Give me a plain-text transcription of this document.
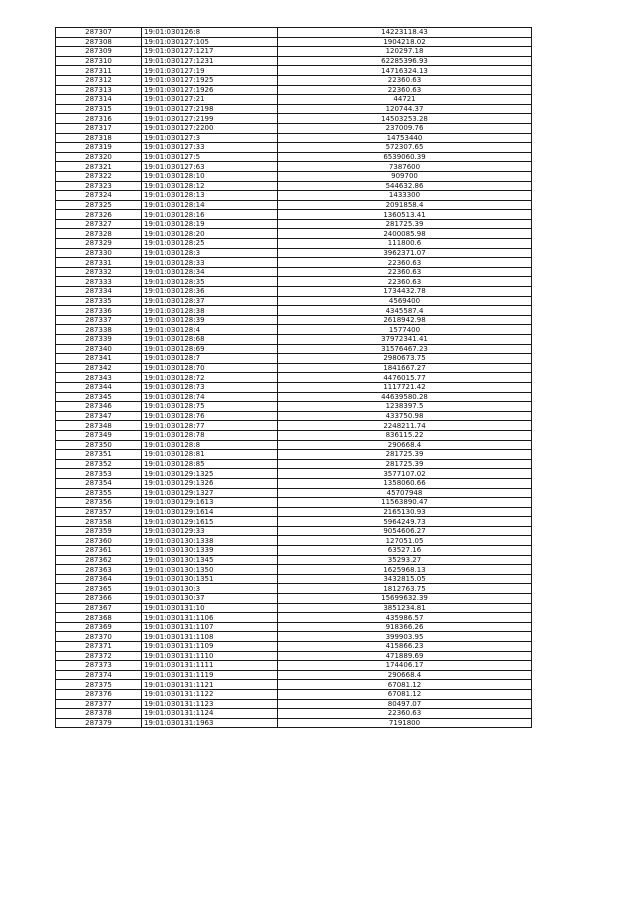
287307	19:01:030126:8	14223118.43
287308	19:01:030127:105	1904218.02
287309	19:01:030127:1217	120297.18
287310	19:01:030127:1231	62285396.93
287311	19:01:030127:19	14716324.13
287312	19:01:030127:1925	22360.63
287313	19:01:030127:1926	22360.63
287314	19:01:030127:21	44721
287315	19:01:030127:2198	120744.37
287316	19:01:030127:2199	14503253.28
287317	19:01:030127:2200	237009.76
287318	19:01:030127:3	14753440
287319	19:01:030127:33	572307.65
287320	19:01:030127:5	6539060.39
287321	19:01:030127:63	7387600
287322	19:01:030128:10	909700
287323	19:01:030128:12	544632.86
287324	19:01:030128:13	1433300
287325	19:01:030128:14	2091858.4
287326	19:01:030128:16	1360513.41
287327	19:01:030128:19	281725.39
287328	19:01:030128:20	2400085.98
287329	19:01:030128:25	111800.6
287330	19:01:030128:3	3962371.07
287331	19:01:030128:33	22360.63
287332	19:01:030128:34	22360.63
287333	19:01:030128:35	22360.63
287334	19:01:030128:36	1734432.78
287335	19:01:030128:37	4569400
287336	19:01:030128:38	4345587.4
287337	19:01:030128:39	2618942.98
287338	19:01:030128:4	1577400
287339	19:01:030128:68	37972341.41
287340	19:01:030128:69	31576467.23
287341	19:01:030128:7	2980673.75
287342	19:01:030128:70	1841667.27
287343	19:01:030128:72	4476015.77
287344	19:01:030128:73	1117721.42
287345	19:01:030128:74	44639580.28
287346	19:01:030128:75	1238397.5
287347	19:01:030128:76	433750.98
287348	19:01:030128:77	2248211.74
287349	19:01:030128:78	836115.22
287350	19:01:030128:8	290668.4
287351	19:01:030128:81	281725.39
287352	19:01:030128:85	281725.39
287353	19:01:030129:1325	3577107.02
287354	19:01:030129:1326	1358060.66
287355	19:01:030129:1327	45707948
287356	19:01:030129:1613	11563890.47
287357	19:01:030129:1614	2165130.93
287358	19:01:030129:1615	5964249.73
287359	19:01:030129:33	9054606.27
287360	19:01:030130:1338	127051.05
287361	19:01:030130:1339	63527.16
287362	19:01:030130:1345	35293.27
287363	19:01:030130:1350	1625968.13
287364	19:01:030130:1351	3432815.05
287365	19:01:030130:3	1812763.75
287366	19:01:030130:37	15699632.39
287367	19:01:030131:10	3851234.81
287368	19:01:030131:1106	435986.57
287369	19:01:030131:1107	918366.26
287370	19:01:030131:1108	399903.95
287371	19:01:030131:1109	415866.23
287372	19:01:030131:1110	471889.69
287373	19:01:030131:1111	174406.17
287374	19:01:030131:1119	290668.4
287375	19:01:030131:1121	67081.12
287376	19:01:030131:1122	67081.12
287377	19:01:030131:1123	80497.07
287378	19:01:030131:1124	22360.63
287379	19:01:030131:1963	7191800
